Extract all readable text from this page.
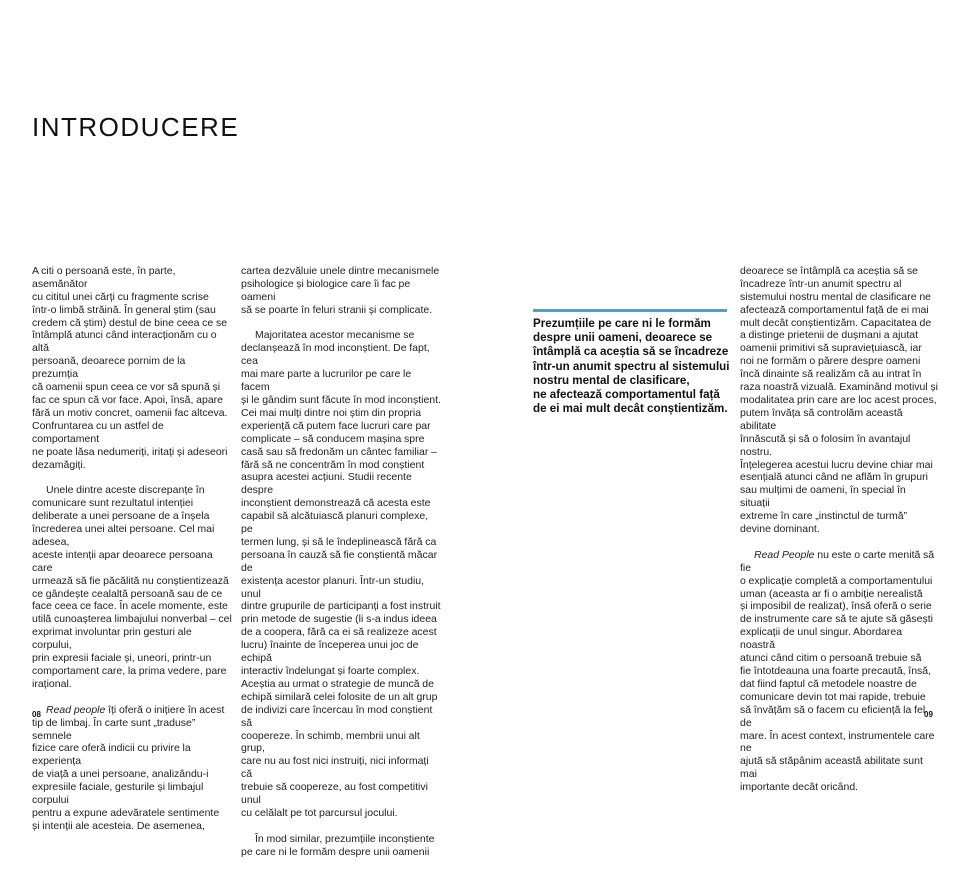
INTRODUCERE

A citi o persoană este, în parte, asemănător
cu cititul unei cărți cu fragmente scrise
într-o limbă străină. În general știm (sau
credem că știm) destul de bine ceea ce se
întâmplă atunci când interacționăm cu o altă
persoană, deoarece pornim de la prezumția
că oamenii spun ceea ce vor să spună și
fac ce spun că vor face. Apoi, însă, apare
fără un motiv concret, oamenii fac altceva.
Confruntarea cu un astfel de comportament
ne poate lăsa nedumeriți, iritați și adeseori
dezamăgiți.

Unele dintre aceste discrepanțe în
comunicare sunt rezultatul intenției
deliberate a unei persoane de a înșela
încrederea unei altei persoane. Cel mai adesea,
aceste intenții apar deoarece persoana care
urmează să fie păcălită nu conștientizează
ce gândește cealaltă persoană sau de ce
face ceea ce face. În acele momente, este
utilă cunoașterea limbajului nonverbal – cel
exprimat involuntar prin gesturi ale corpului,
prin expresii faciale și, uneori, printr-un
comportament care, la prima vedere, pare
irațional.

Read people îți oferă o inițiere în acest
tip de limbaj. În carte sunt „traduse” semnele
fizice care oferă indicii cu privire la experiența
de viață a unei persoane, analizându-i
expresiile faciale, gesturile și limbajul corpului
pentru a expune adevăratele sentimente
și intenții ale acesteia. De asemenea,

cartea dezvăluie unele dintre mecanismele
psihologice și biologice care îi fac pe oameni
să se poarte în feluri stranii și complicate.

Majoritatea acestor mecanisme se
declanșează în mod inconștient. De fapt, cea
mai mare parte a lucrurilor pe care le facem
și le gândim sunt făcute în mod inconștient.
Cei mai mulți dintre noi știm din propria
experiență că putem face lucruri care par
complicate – să conducem mașina spre
casă sau să fredonăm un cântec familiar –
fără să ne concentrăm în mod conștient
asupra acestei acțiuni. Studii recente despre
inconștient demonstrează că acesta este
capabil să alcătuiască planuri complexe, pe
termen lung, și să le îndeplinească fără ca
persoana în cauză să fie conștientă măcar de
existența acestor planuri. Într-un studiu, unul
dintre grupurile de participanți a fost instruit
prin metode de sugestie (li s-a indus ideea
de a coopera, fără ca ei să realizeze acest
lucru) înainte de începerea unui joc de echipă
interactiv îndelungat și foarte complex.
Aceștia au urmat o strategie de muncă de
echipă similară celei folosite de un alt grup
de indivizi care încercau în mod conștient să
coopereze. În schimb, membrii unui alt grup,
care nu au fost nici instruiți, nici informați că
trebuie să coopereze, au fost competitivi unul
cu celălalt pe tot parcursul jocului.

În mod similar, prezumțiile inconștiente
pe care ni le formăm despre unii oamenii

Prezumțiile pe care ni le formăm
despre unii oameni, deoarece se
întâmplă ca aceștia să se încadreze
într-un anumit spectru al sistemului
nostru mental de clasificare,
ne afectează comportamentul față
de ei mai mult decât conștientizăm.

deoarece se întâmplă ca aceștia să se
încadreze într-un anumit spectru al
sistemului nostru mental de clasificare ne
afectează comportamentul față de ei mai
mult decât conștientizăm. Capacitatea de
a distinge prietenii de dușmani a ajutat
oamenii primitivi să supraviețuiască, iar
noi ne formăm o părere despre oameni
încă dinainte să realizăm că au intrat în
raza noastră vizuală. Examinând motivul și
modalitatea prin care are loc acest proces,
putem învăța să controlăm această abilitate
înnăscută și să o folosim în avantajul nostru.
Înțelegerea acestui lucru devine chiar mai
esențială atunci când ne aflăm în grupuri
sau mulțimi de oameni, în special în situații
extreme în care „instinctul de turmă”
devine dominant.

Read People nu este o carte menită să fie
o explicație completă a comportamentului
uman (aceasta ar fi o ambiție nerealistă
și imposibil de realizat), însă oferă o serie
de instrumente care să te ajute să găsești
explicații de unul singur. Abordarea noastră
atunci când citim o persoană trebuie să
fie întotdeauna una foarte precaută, însă,
dat fiind faptul că metodele noastre de
comunicare devin tot mai rapide, trebuie
să învățăm să o facem cu eficiență la fel de
mare. În acest context, instrumentele care ne
ajută să stăpânim această abilitate sunt mai
importante decât oricând.

08	09
